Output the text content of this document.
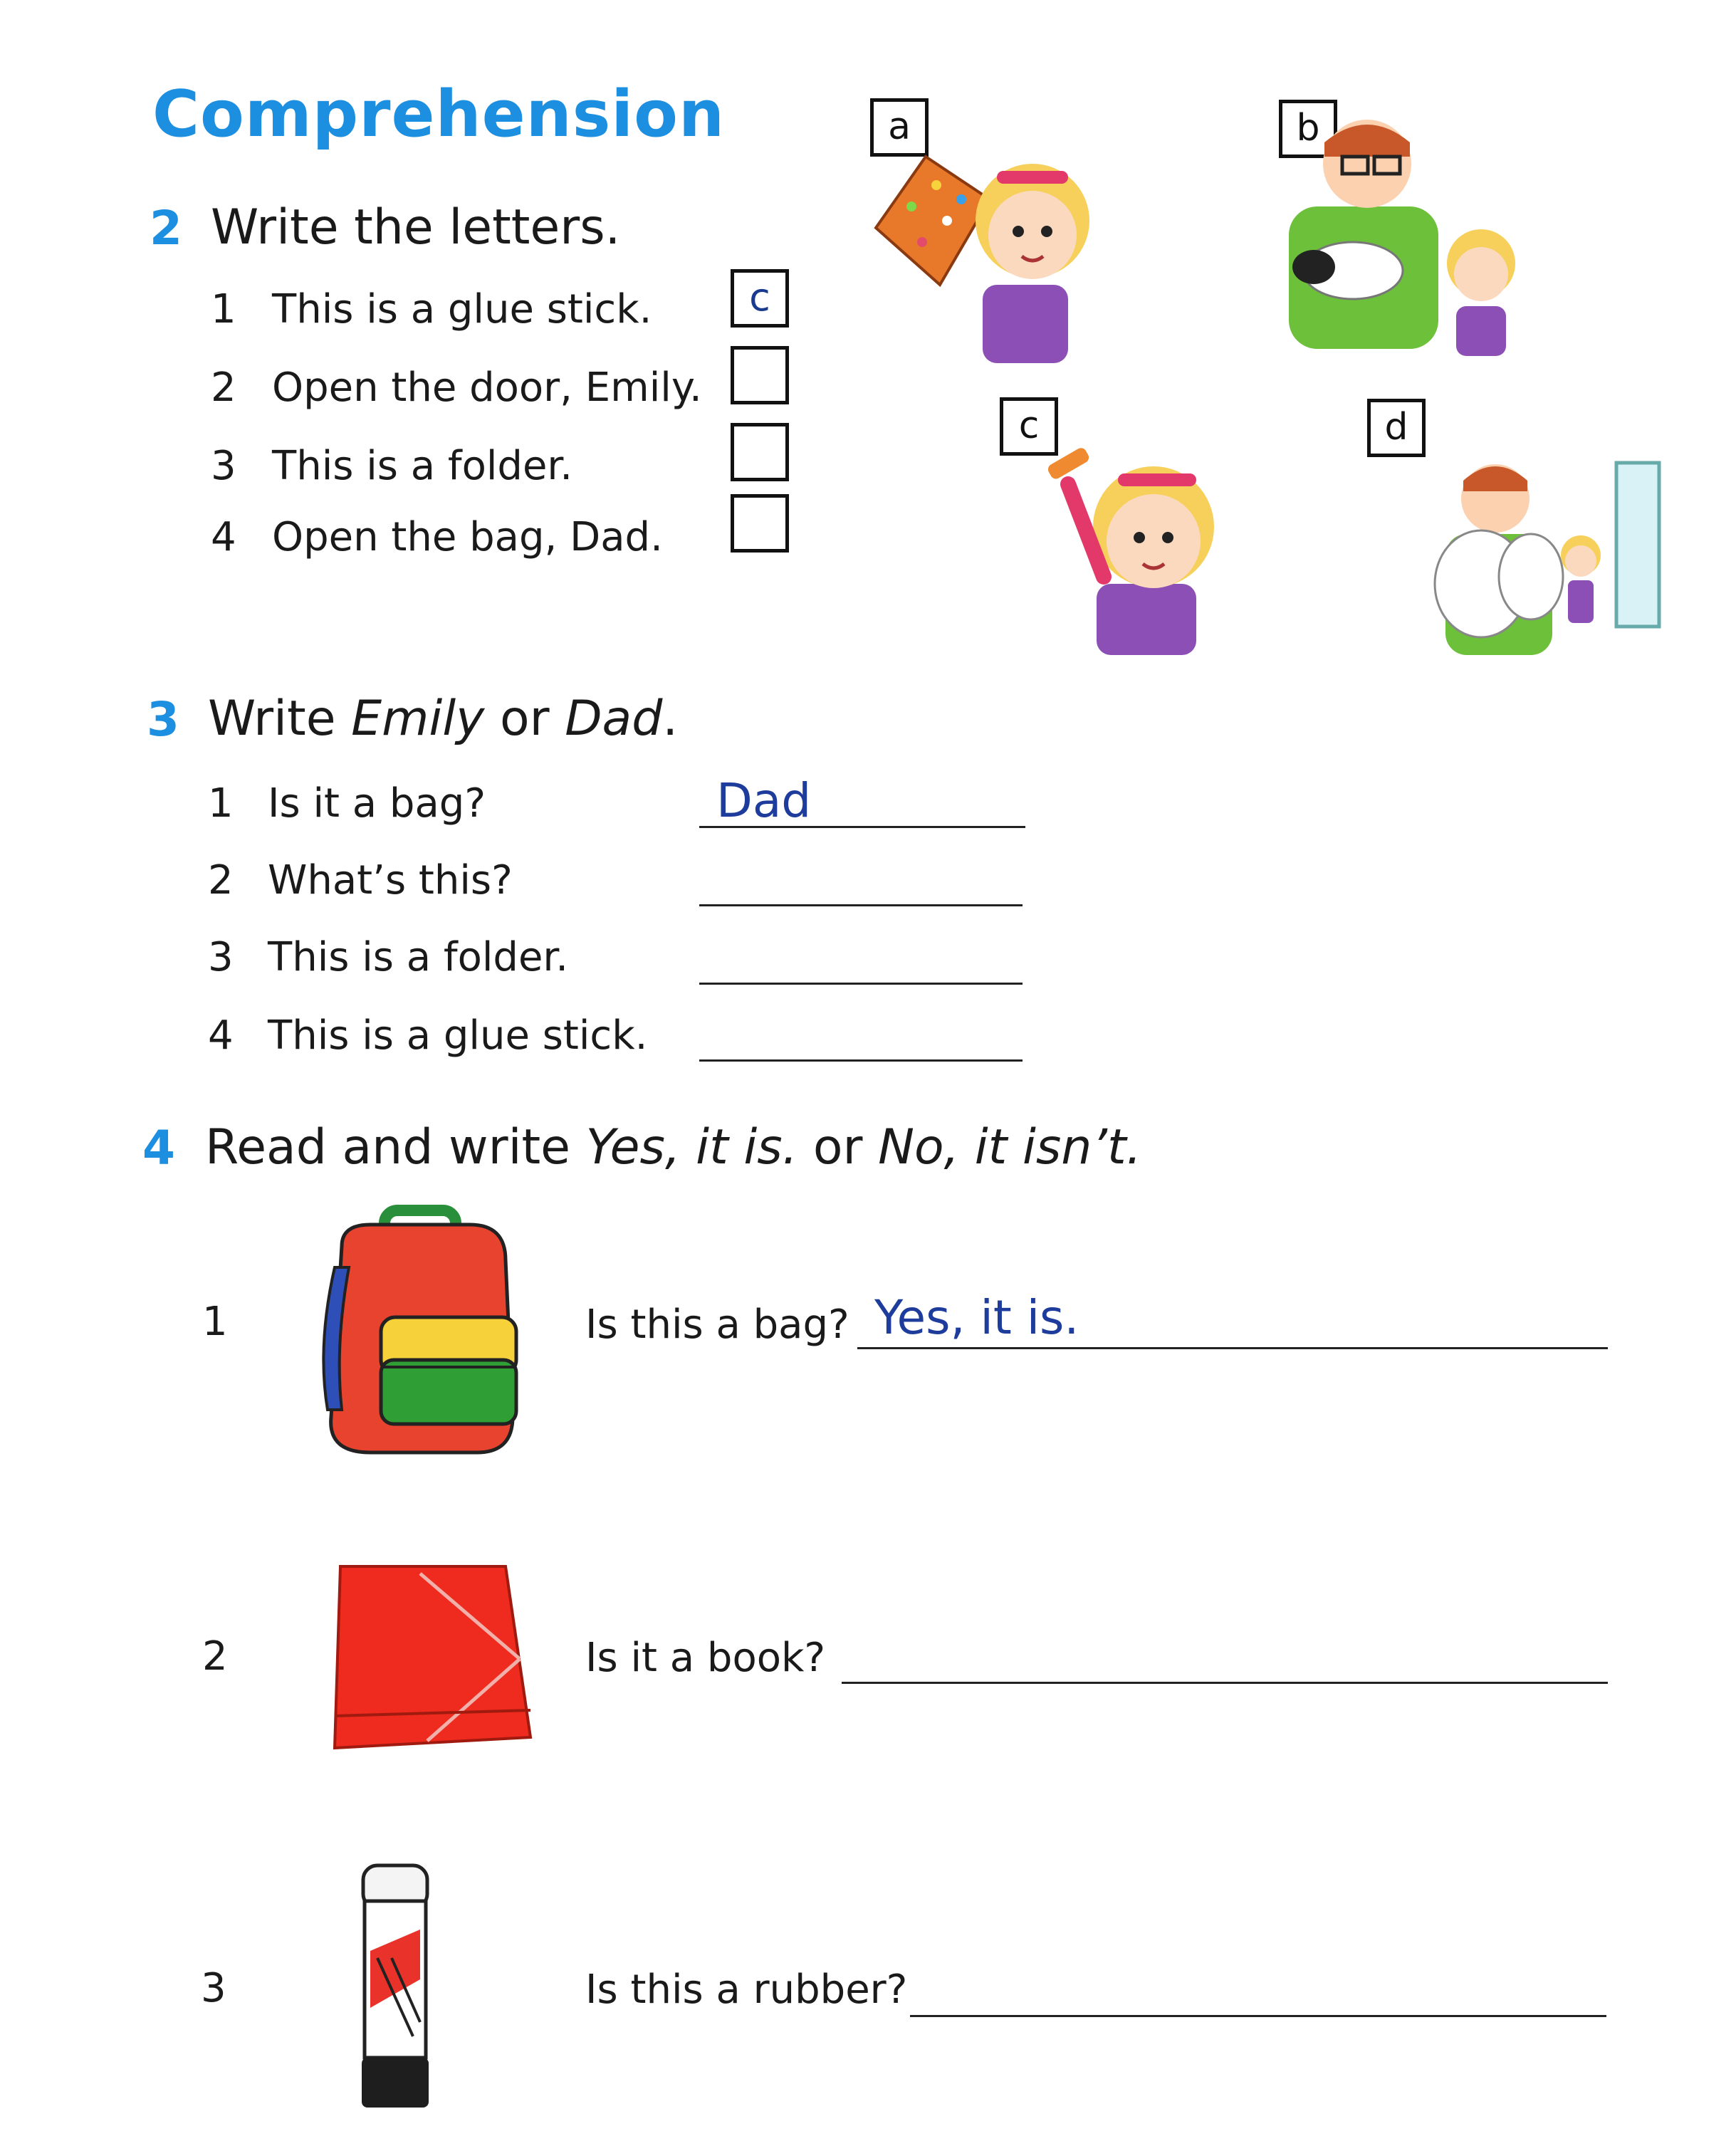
Comprehension
2 Write the letters.
1 This is a glue stick.	c
2 Open the door, Emily.
3 This is a folder.
4 Open the bag, Dad.
a	b
c	d
3 Write Emily or Dad.
1 Is it a bag?	Dad
2 What’s this?
3 This is a folder.
4 This is a glue stick.
4 Read and write Yes, it is. or No, it isn’t.
1	Is this a bag? Yes, it is.
2	Is it a book?
3	Is this a rubber?
